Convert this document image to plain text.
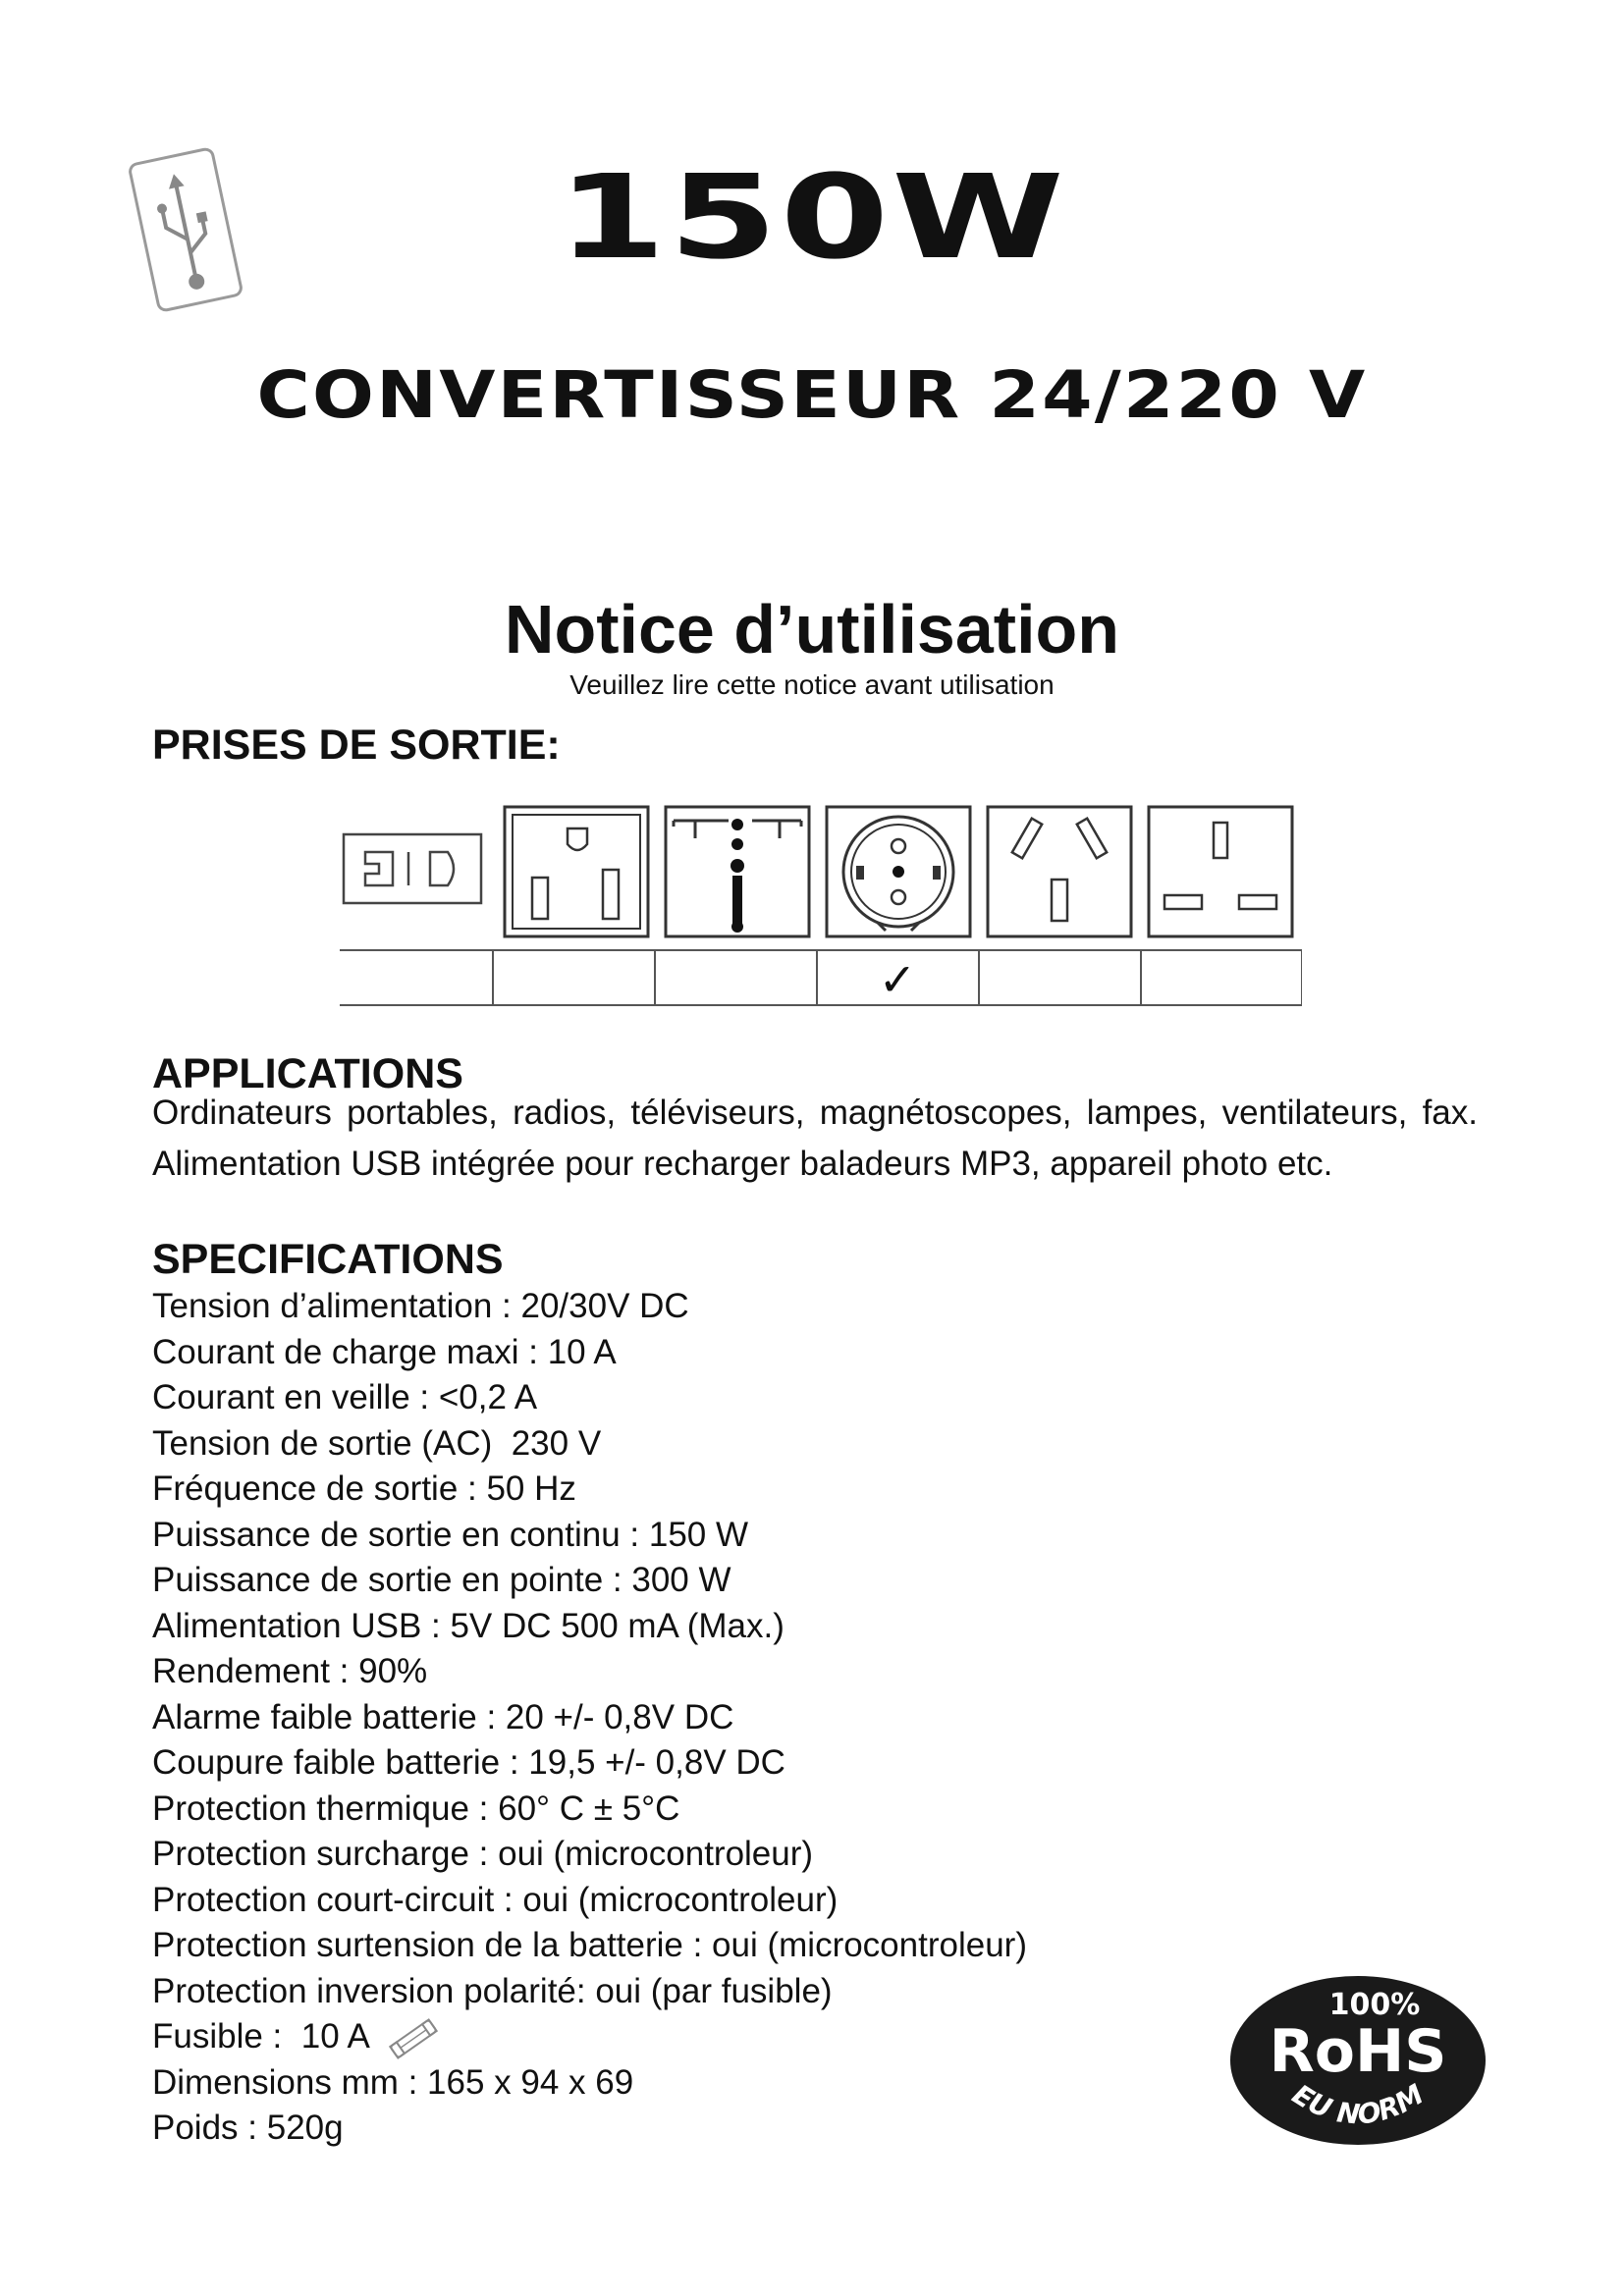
150W
CONVERTISSEUR 24/220 V
Notice d’utilisation
Veuillez lire cette notice avant utilisation
PRISES DE SORTIE:
✓
APPLICATIONS
Ordinateurs portables, radios, téléviseurs, magnétoscopes, lampes, ventilateurs, fax. Alimentation USB intégrée pour recharger baladeurs MP3, appareil photo etc.
SPECIFICATIONS
Tension d’alimentation : 20/30V DC
Courant de charge maxi : 10 A
Courant en veille : <0,2 A
Tension de sortie (AC)  230 V
Fréquence de sortie : 50 Hz
Puissance de sortie en continu : 150 W
Puissance de sortie en pointe : 300 W
Alimentation USB : 5V DC 500 mA (Max.)
Rendement : 90%
Alarme faible batterie : 20 +/- 0,8V DC
Coupure faible batterie : 19,5 +/- 0,8V DC
Protection thermique : 60° C ± 5°C
Protection surcharge : oui (microcontroleur)
Protection court-circuit : oui (microcontroleur)
Protection surtension de la batterie : oui (microcontroleur)
Protection inversion polarité: oui (par fusible)
Fusible :  10 A
Dimensions mm : 165 x 94 x 69
Poids : 520g
100%
RoHS
EU NORM
